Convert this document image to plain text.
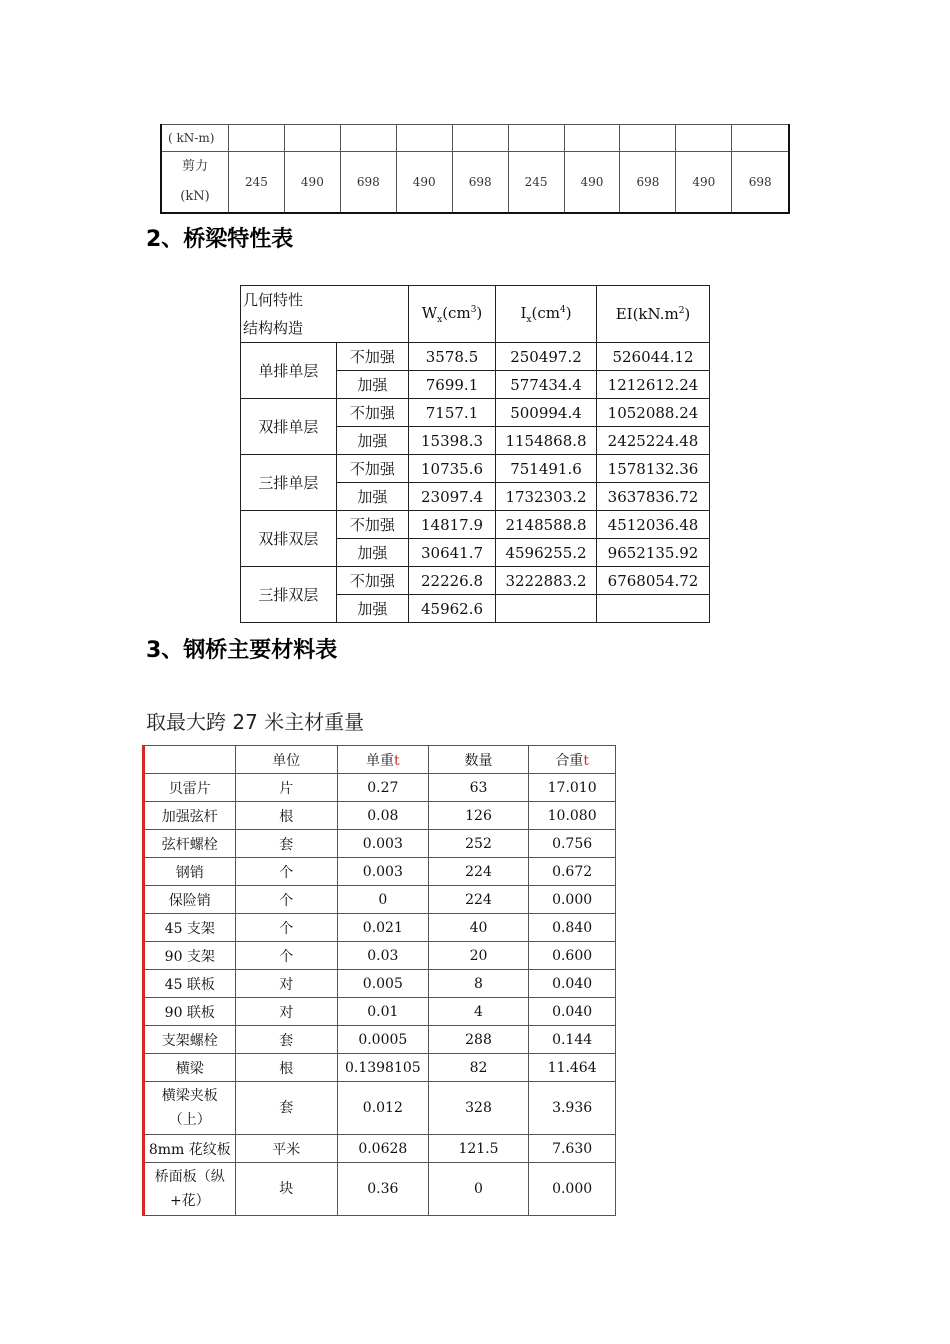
( kN-m)										

剪力
(kN)	245	490	698	490	698	245	490	698	490	698
2、桥梁特性表
几何特性
结构构造		$W_x(cm^3)$	$I_x(cm^4)$	$EI(kN.m^2)$
单排单层	不加强	3578.5	250497.2	526044.12
	加强	7699.1	577434.4	1212612.24
双排单层	不加强	7157.1	500994.4	1052088.24
	加强	15398.3	1154868.8	2425224.48
三排单层	不加强	10735.6	751491.6	1578132.36
	加强	23097.4	1732303.2	3637836.72
双排双层	不加强	14817.9	2148588.8	4512036.48
	加强	30641.7	4596255.2	9652135.92
三排双层	不加强	22226.8	3222883.2	6768054.72
	加强	45962.6		
3、钢桥主要材料表

取最大跨 27 米主材重量

	单位	单重t	数量	合重t
贝雷片	片	0.27	63	17.010
加强弦杆	根	0.08	126	10.080
弦杆螺栓	套	0.003	252	0.756
钢销	个	0.003	224	0.672
保险销	个	0	224	0.000
45 支架	个	0.021	40	0.840
90 支架	个	0.03	20	0.600
45 联板	对	0.005	8	0.040
90 联板	对	0.01	4	0.040
支架螺栓	套	0.0005	288	0.144
横梁	根	0.1398105	82	11.464
横梁夹板（上）	套	0.012	328	3.936
8mm 花纹板	平米	0.0628	121.5	7.630
桥面板（纵+花）	块	0.36	0	0.000
